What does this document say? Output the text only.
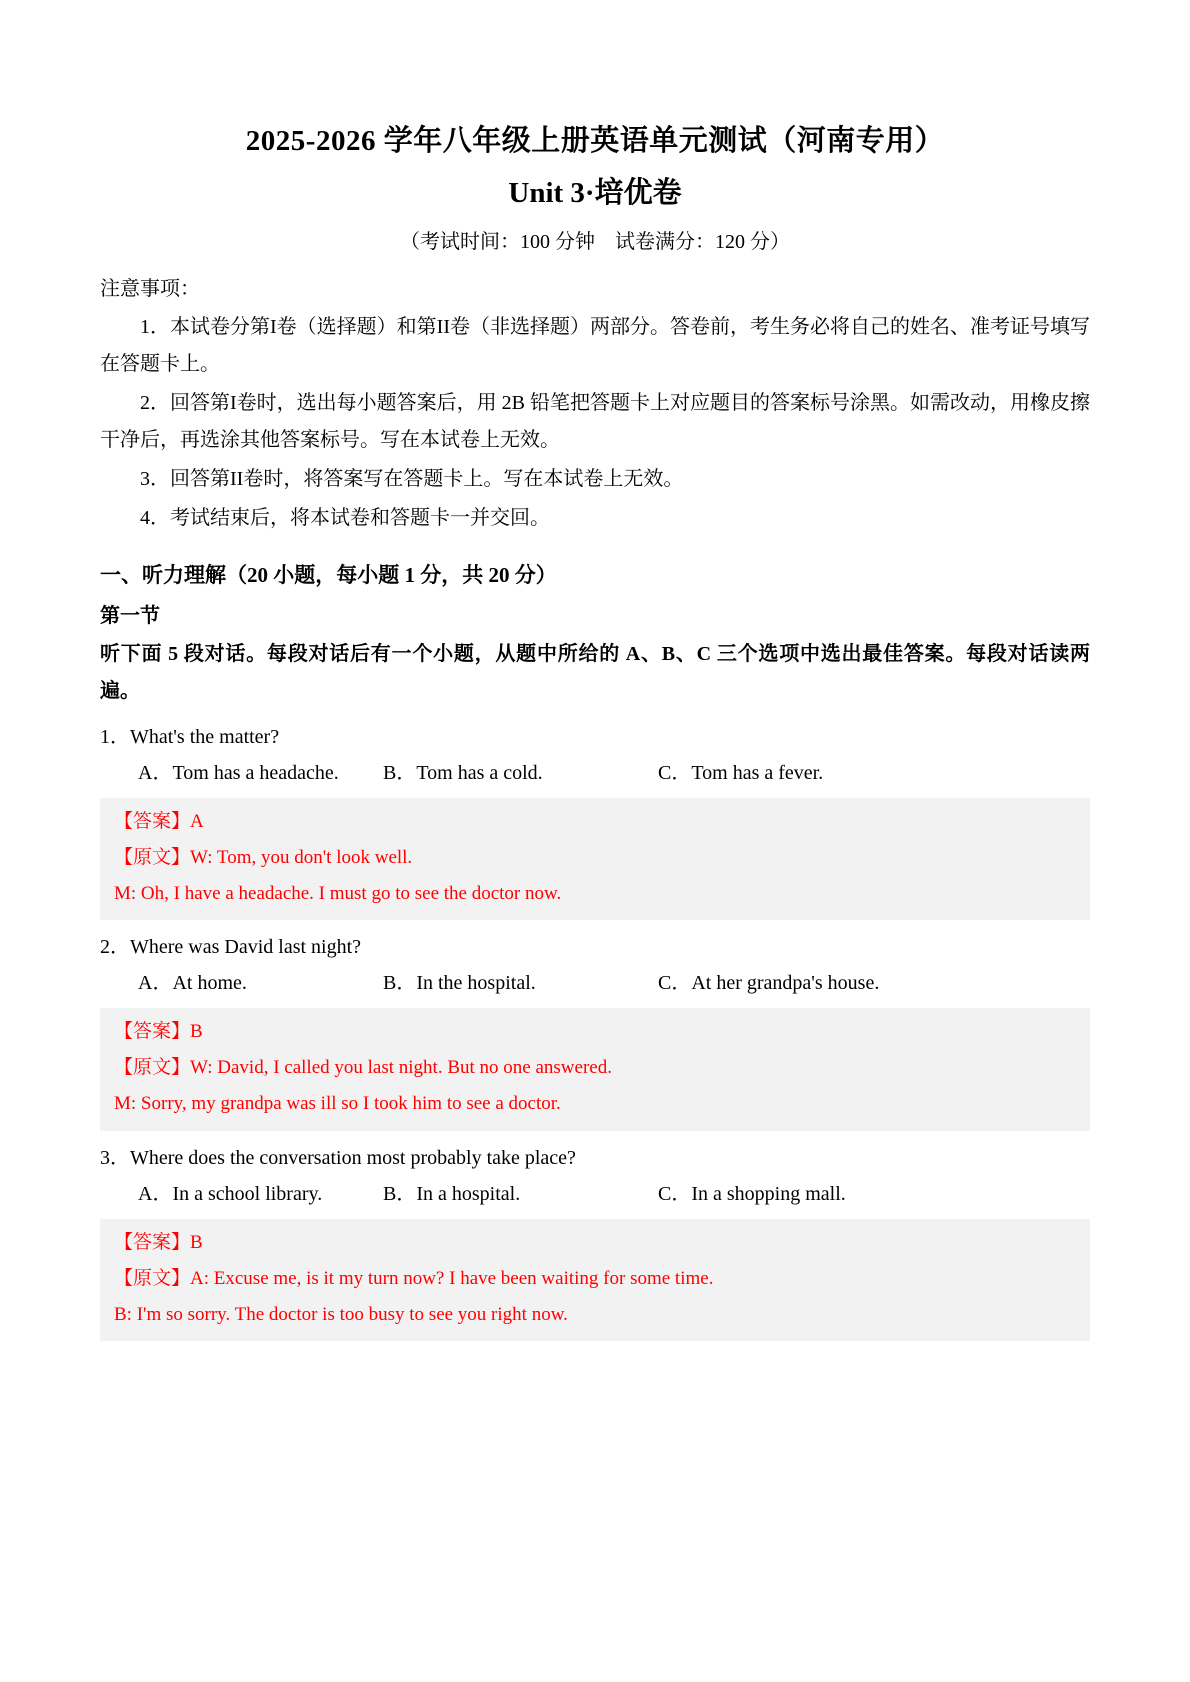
2025-2026 学年八年级上册英语单元测试（河南专用）
Unit 3·培优卷
（考试时间：100 分钟　试卷满分：120 分）
注意事项：

1．本试卷分第I卷（选择题）和第II卷（非选择题）两部分。答卷前，考生务必将自己的姓名、准考证号填写在答题卡上。

2．回答第I卷时，选出每小题答案后，用 2B 铅笔把答题卡上对应题目的答案标号涂黑。如需改动，用橡皮擦干净后，再选涂其他答案标号。写在本试卷上无效。

3．回答第II卷时，将答案写在答题卡上。写在本试卷上无效。

4．考试结束后，将本试卷和答题卡一并交回。

一、听力理解（20 小题，每小题 1 分，共 20 分）
第一节
听下面 5 段对话。每段对话后有一个小题，从题中所给的 A、B、C 三个选项中选出最佳答案。每段对话读两遍。
1．What's the matter?
A．Tom has a headache.	B．Tom has a cold.	C．Tom has a fever.

【答案】A

【原文】W: Tom, you don't look well.

M: Oh, I have a headache. I must go to see the doctor now.

2．Where was David last night?
A．At home.	B．In the hospital.	C．At her grandpa's house.

【答案】B

【原文】W: David, I called you last night. But no one answered.

M: Sorry, my grandpa was ill so I took him to see a doctor.

3．Where does the conversation most probably take place?
A．In a school library.	B．In a hospital.	C．In a shopping mall.

【答案】B

【原文】A: Excuse me, is it my turn now? I have been waiting for some time.

B: I'm so sorry. The doctor is too busy to see you right now.
